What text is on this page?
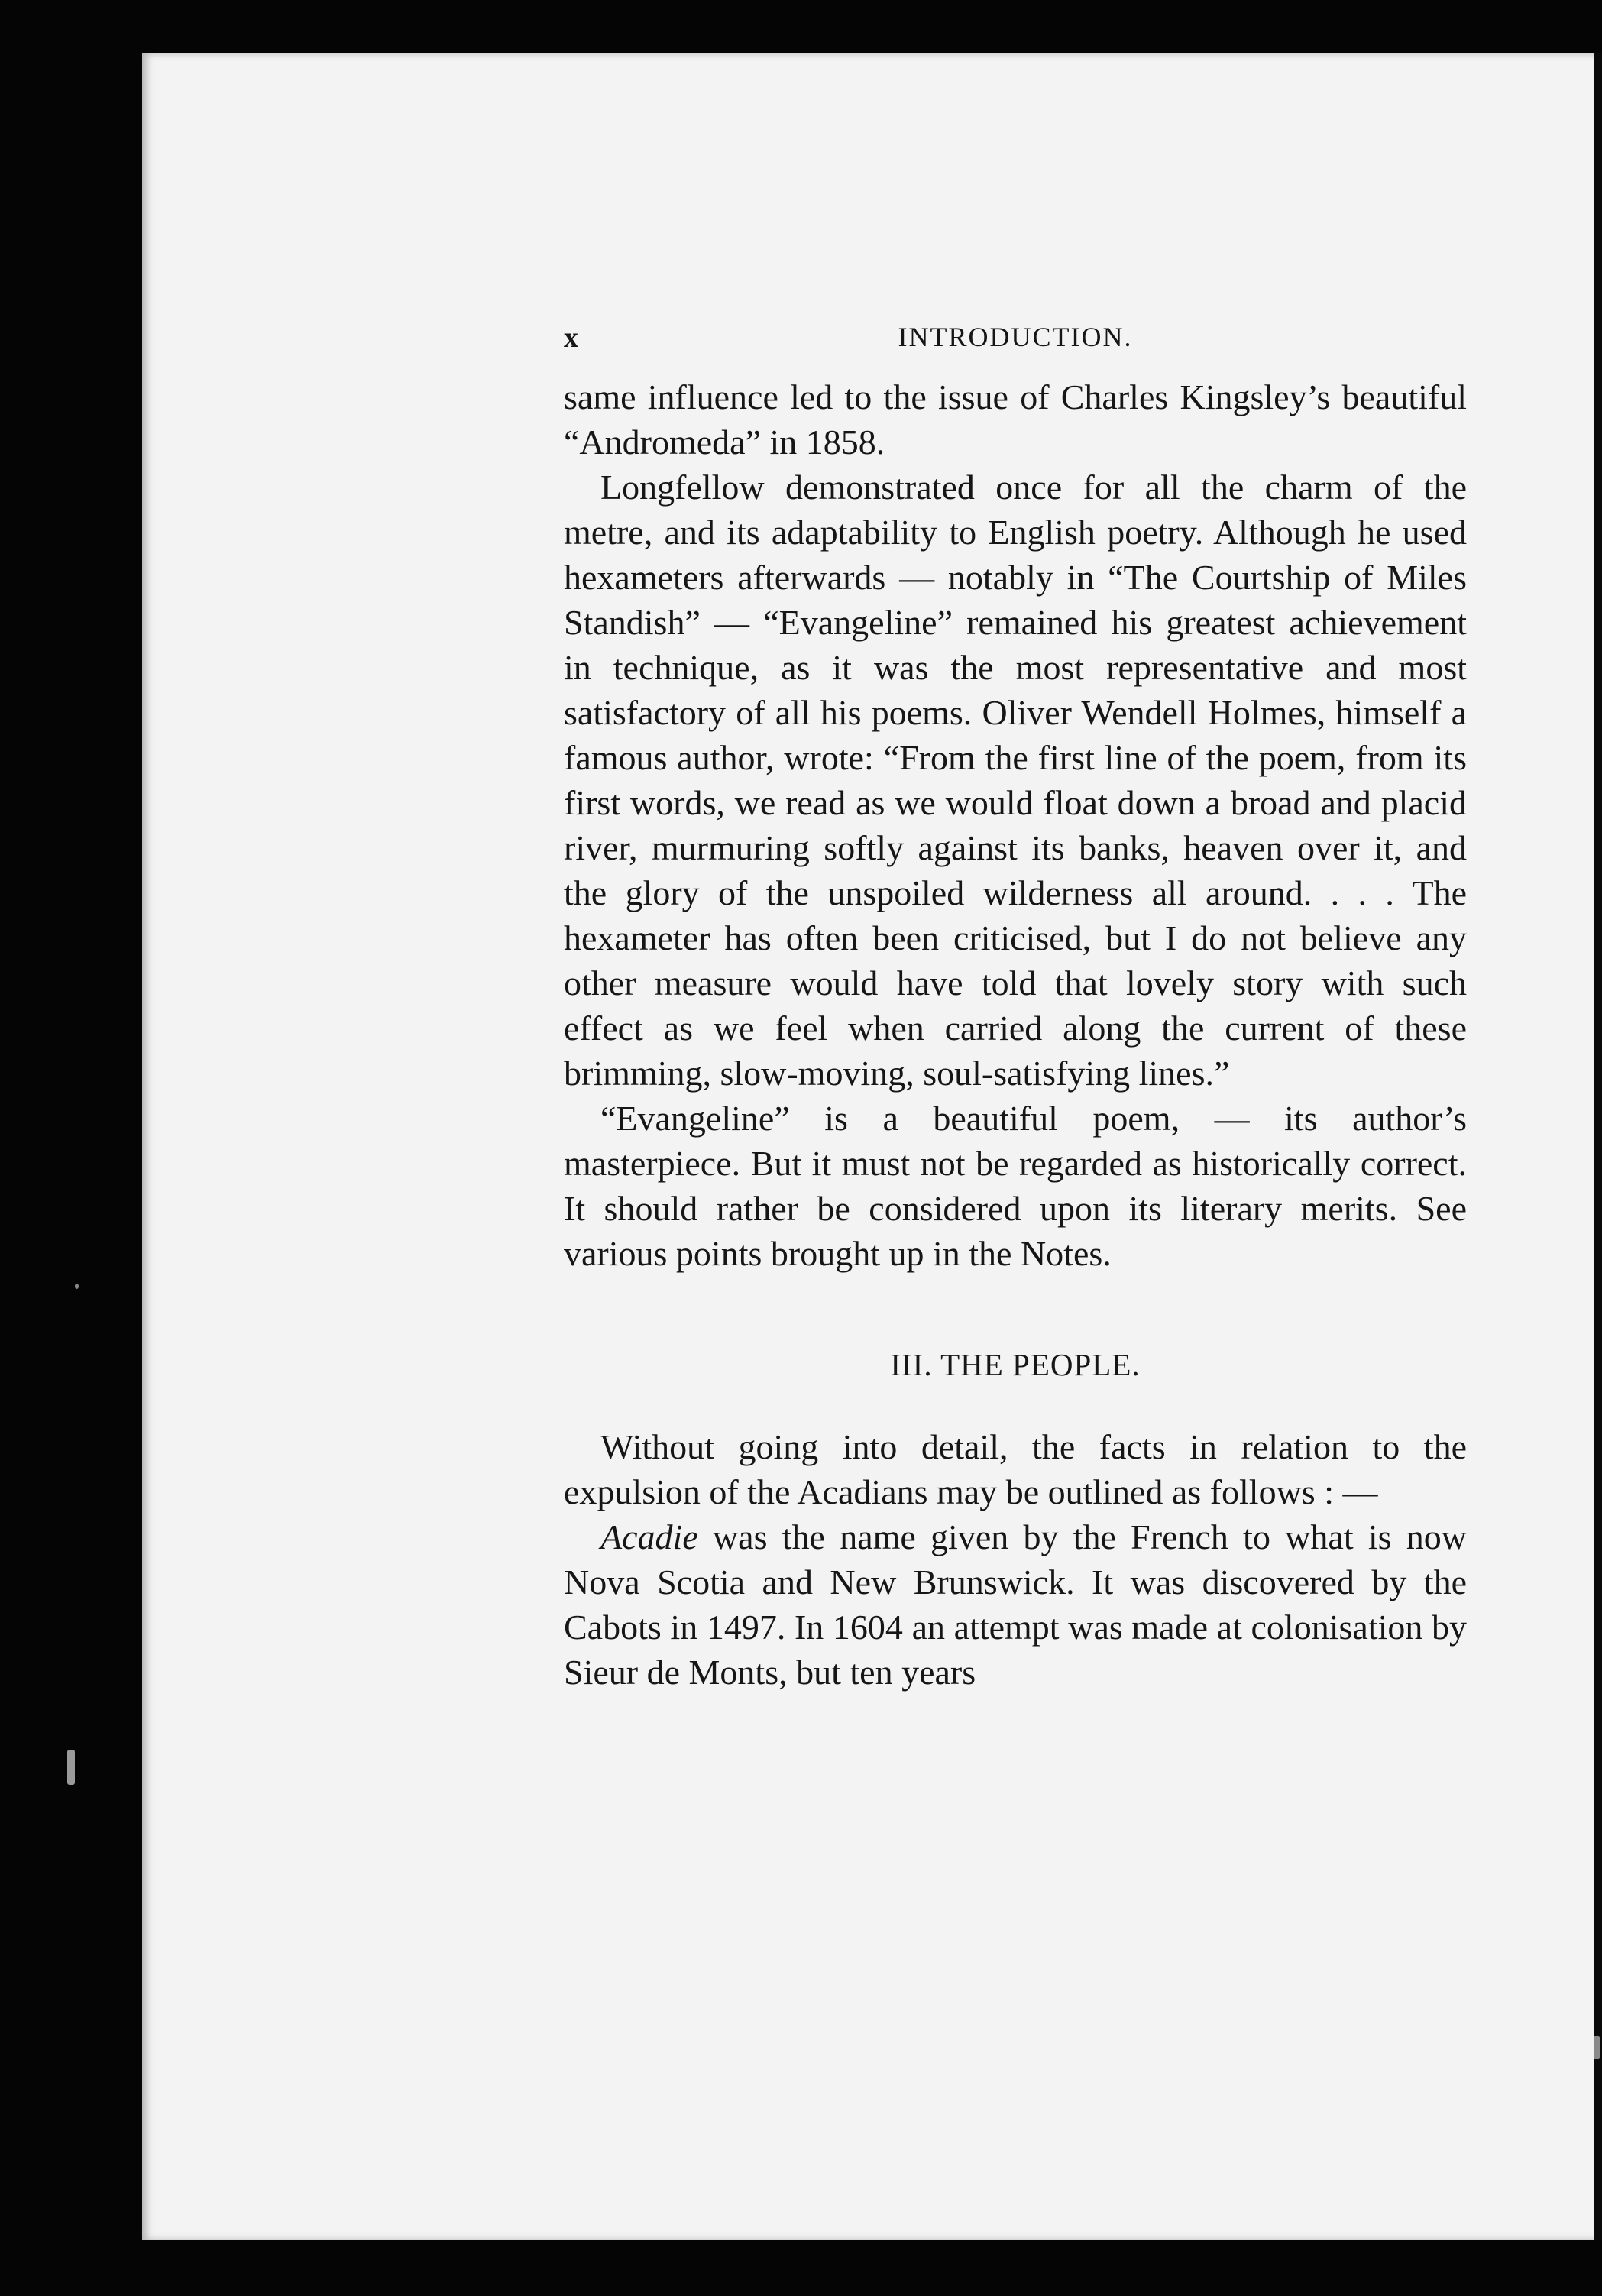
x	INTRODUCTION.

same influence led to the issue of Charles Kingsley’s beautiful “Andromeda” in 1858.

Longfellow demonstrated once for all the charm of the metre, and its adaptability to English poetry. Although he used hexameters afterwards — notably in “The Courtship of Miles Standish” — “Evangeline” remained his greatest achievement in technique, as it was the most representative and most satisfactory of all his poems. Oliver Wendell Holmes, himself a famous author, wrote: “From the first line of the poem, from its first words, we read as we would float down a broad and placid river, murmuring softly against its banks, heaven over it, and the glory of the unspoiled wilderness all around. . . . The hexameter has often been criticised, but I do not believe any other measure would have told that lovely story with such effect as we feel when carried along the current of these brimming, slow-moving, soul-satisfying lines.”

“Evangeline” is a beautiful poem, — its author’s masterpiece. But it must not be regarded as historically correct. It should rather be considered upon its literary merits. See various points brought up in the Notes.

III. THE PEOPLE.

Without going into detail, the facts in relation to the expulsion of the Acadians may be outlined as follows : —

Acadie was the name given by the French to what is now Nova Scotia and New Brunswick. It was discovered by the Cabots in 1497. In 1604 an attempt was made at colonisation by Sieur de Monts, but ten years
